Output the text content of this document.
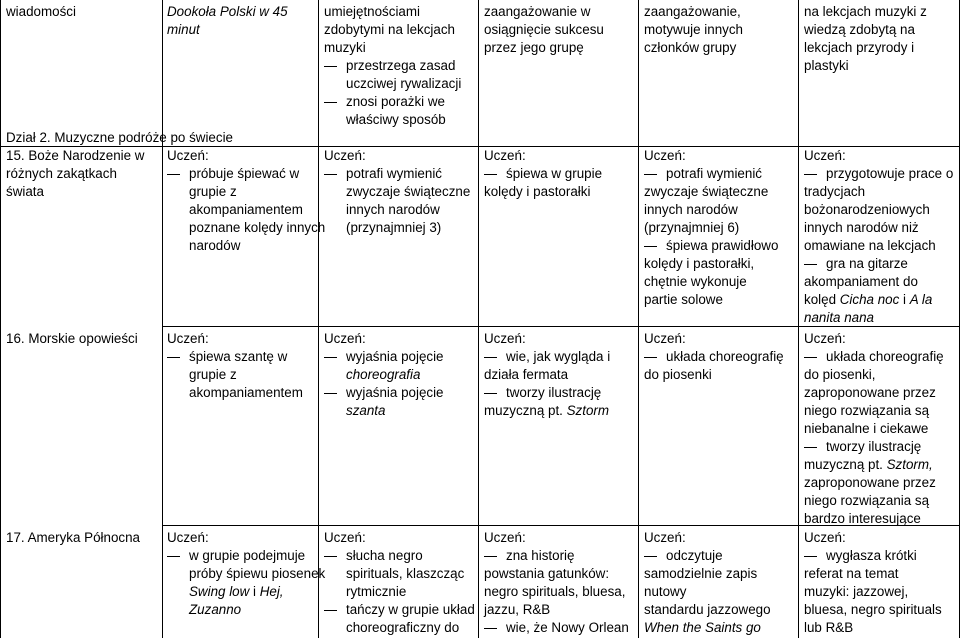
wiadomości
Dział 2. Muzyczne podróże po świecie
15. Boże Narodzenie w
różnych zakątkach
świata
16. Morskie opowieści
17. Ameryka Północna
Dookoła Polski w 45
minut
Uczeń:
próbuje śpiewać w
grupie z
akompaniamentem
poznane kolędy innych
narodów
Uczeń:
śpiewa szantę w
grupie z
akompaniamentem
Uczeń:
w grupie podejmuje
próby śpiewu piosenek
Swing low i Hej,
Zuzanno
umiejętnościami
zdobytymi na lekcjach
muzyki
przestrzega zasad
uczciwej rywalizacji
znosi porażki we
właściwy sposób
Uczeń:
potrafi wymienić
zwyczaje świąteczne
innych narodów
(przynajmniej 3)
Uczeń:
wyjaśnia pojęcie
choreografia
wyjaśnia pojęcie
szanta
Uczeń:
słucha negro
spirituals, klaszcząc
rytmicznie
tańczy w grupie układ
choreograficzny do
zaangażowanie w
osiągnięcie sukcesu
przez jego grupę
Uczeń:
śpiewa w grupie
kolędy i pastorałki
Uczeń:
wie, jak wygląda i
działa fermata
tworzy ilustrację
muzyczną pt. Sztorm
Uczeń:
zna historię
powstania gatunków:
negro spirituals, bluesa,
jazzu, R&B
wie, że Nowy Orlean
zaangażowanie,
motywuje innych
członków grupy
Uczeń:
potrafi wymienić
zwyczaje świąteczne
innych narodów
(przynajmniej 6)
śpiewa prawidłowo
kolędy i pastorałki,
chętnie wykonuje
partie solowe
Uczeń:
układa choreografię
do piosenki
Uczeń:
odczytuje
samodzielnie zapis
nutowy
standardu jazzowego
When the Saints go
na lekcjach muzyki z
wiedzą zdobytą na
lekcjach przyrody i
plastyki
Uczeń:
przygotowuje prace o
tradycjach
bożonarodzeniowych
innych narodów niż
omawiane na lekcjach
gra na gitarze
akompaniament do
kolęd Cicha noc i A la
nanita nana
Uczeń:
układa choreografię
do piosenki,
zaproponowane przez
niego rozwiązania są
niebanalne i ciekawe
tworzy ilustrację
muzyczną pt. Sztorm,
zaproponowane przez
niego rozwiązania są
bardzo interesujące
Uczeń:
wygłasza krótki
referat na temat
muzyki: jazzowej,
bluesa, negro spirituals
lub R&B
